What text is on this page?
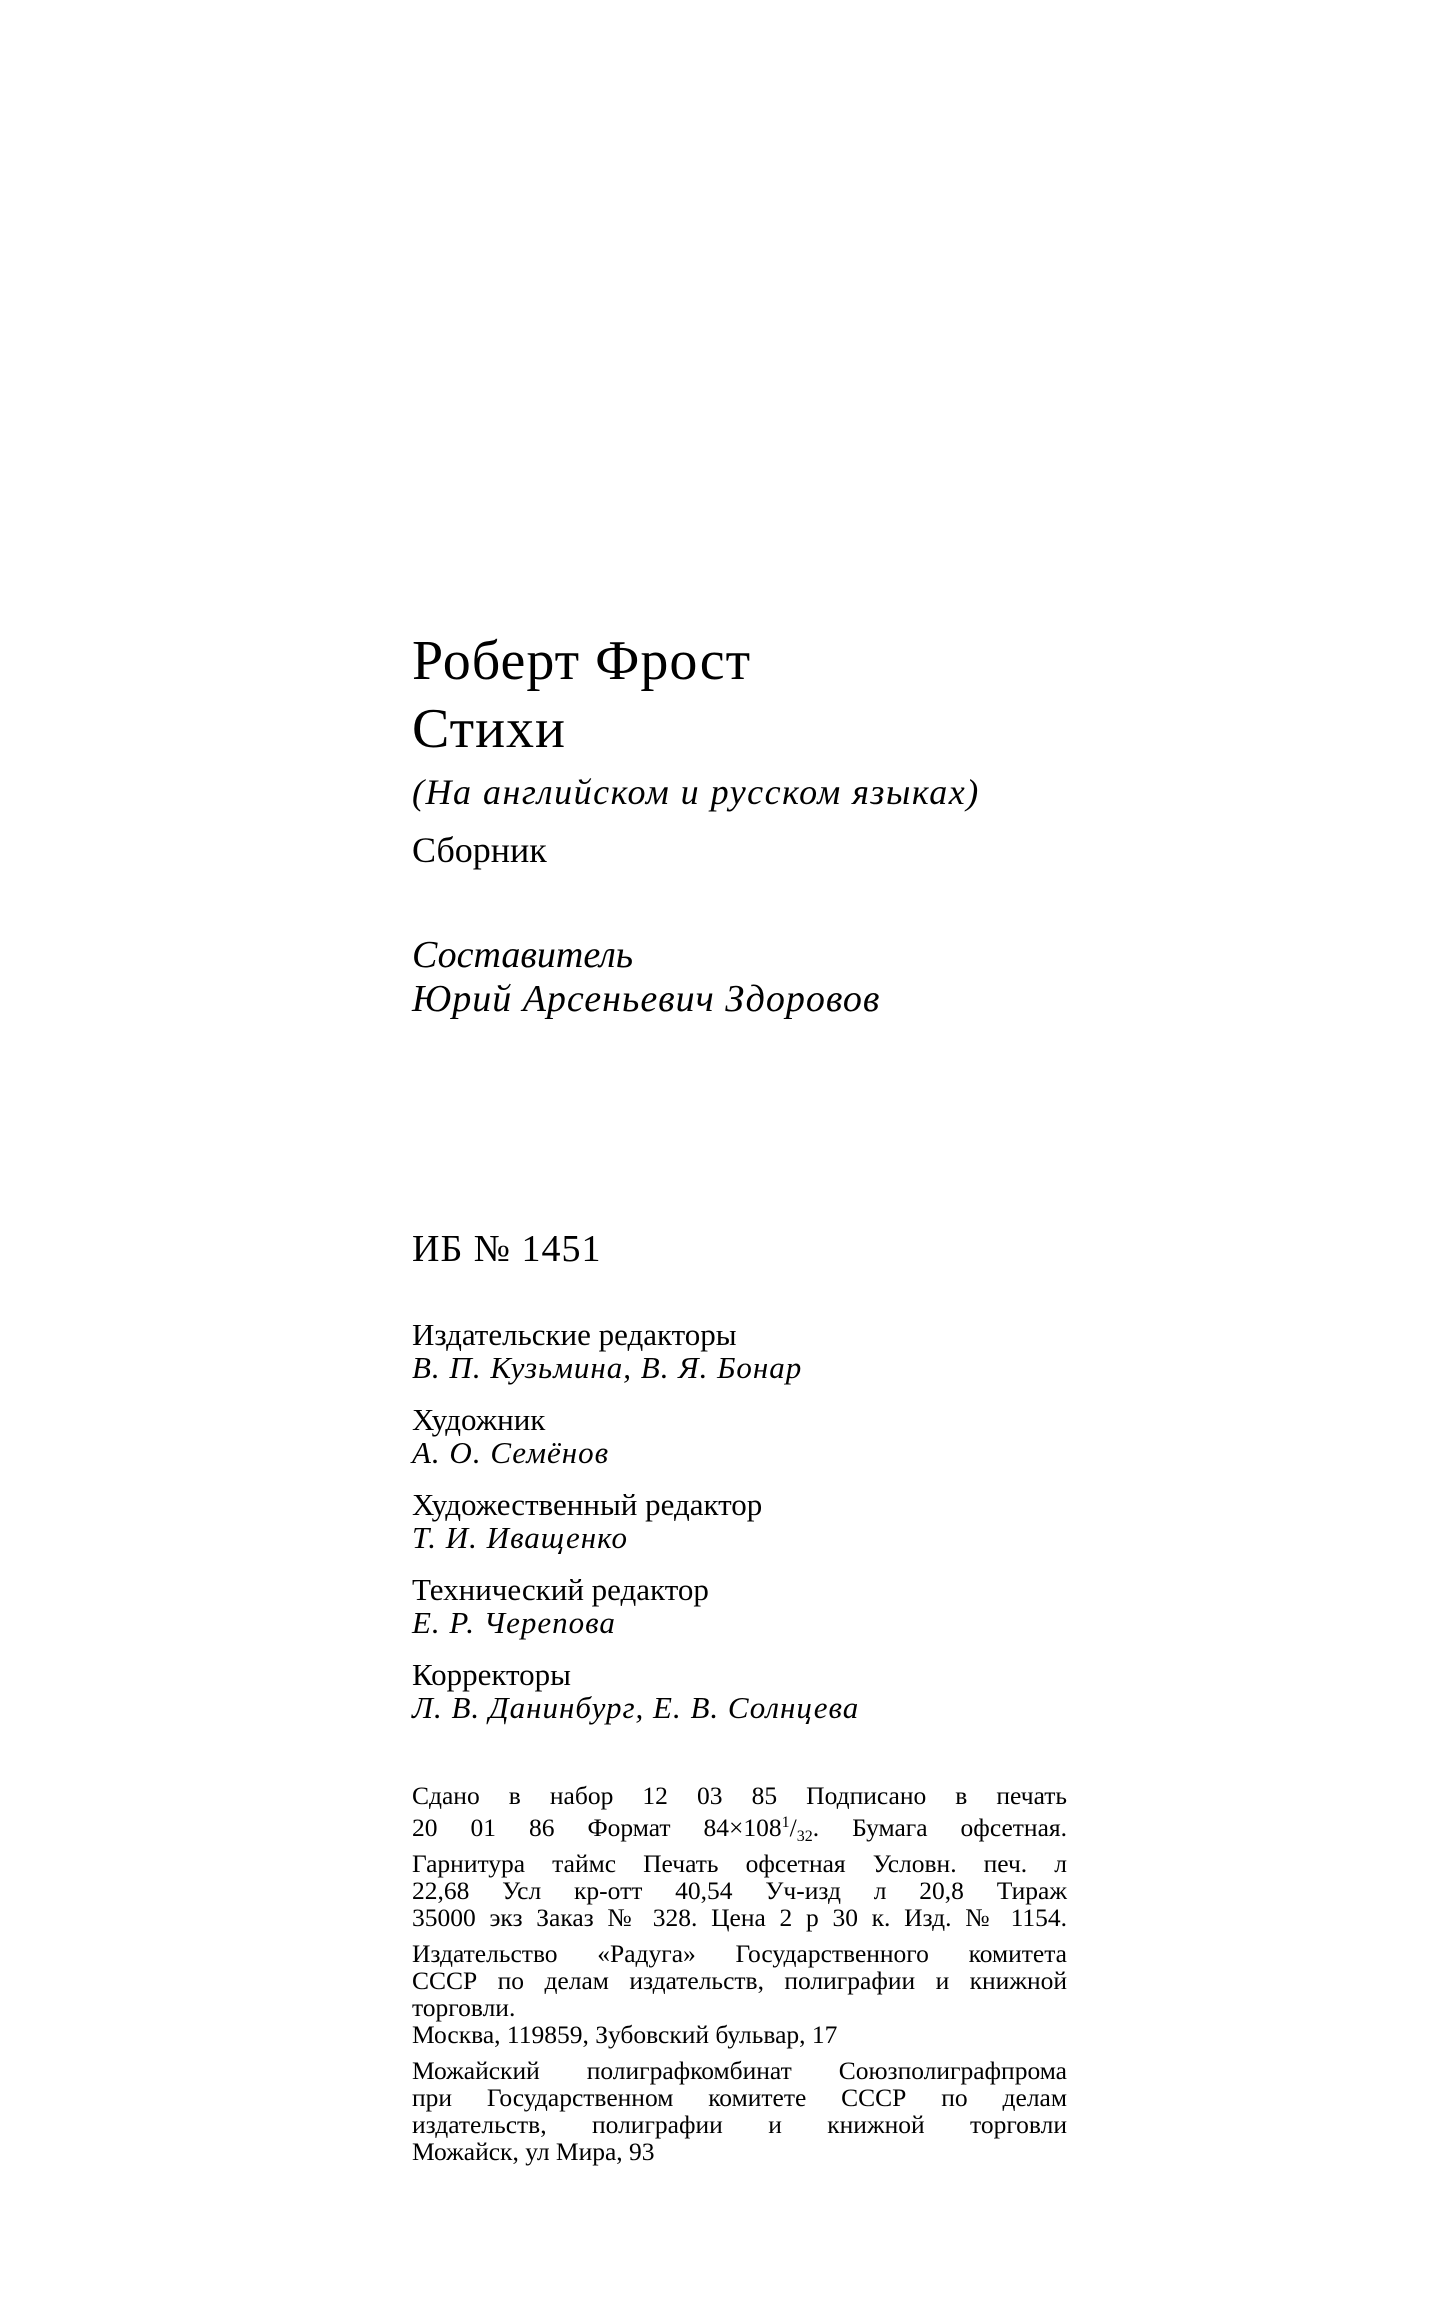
Роберт Фрост
Стихи
(На английском и русском языках)
Сборник
Составитель
Юрий Арсеньевич Здоровов
ИБ № 1451
Издательские редакторы
В. П. Кузьмина, В. Я. Бонар
Художник
А. О. Семёнов
Художественный редактор
Т. И. Иващенко
Технический редактор
Е. Р. Черепова
Корректоры
Л. В. Данинбург, Е. В. Солнцева
Сдано в набор 12 03 85 Подписано в печать
20 01 86 Формат $84\times 108^1/32$. Бумага офсетная.
Гарнитура таймс Печать офсетная Условн. печ. л
22,68 Усл кр-отт 40,54 Уч-изд л 20,8 Тираж
35000 экз Заказ № 328. Цена 2 р 30 к. Изд. № 1154.
Издательство «Радуга» Государственного комитета
СССР по делам издательств, полиграфии и книжной
торговли.
Москва, 119859, Зубовский бульвар, 17
Можайский полиграфкомбинат Союзполиграфпрома
при Государственном комитете СССР по делам
издательств, полиграфии и книжной торговли
Можайск, ул Мира, 93
